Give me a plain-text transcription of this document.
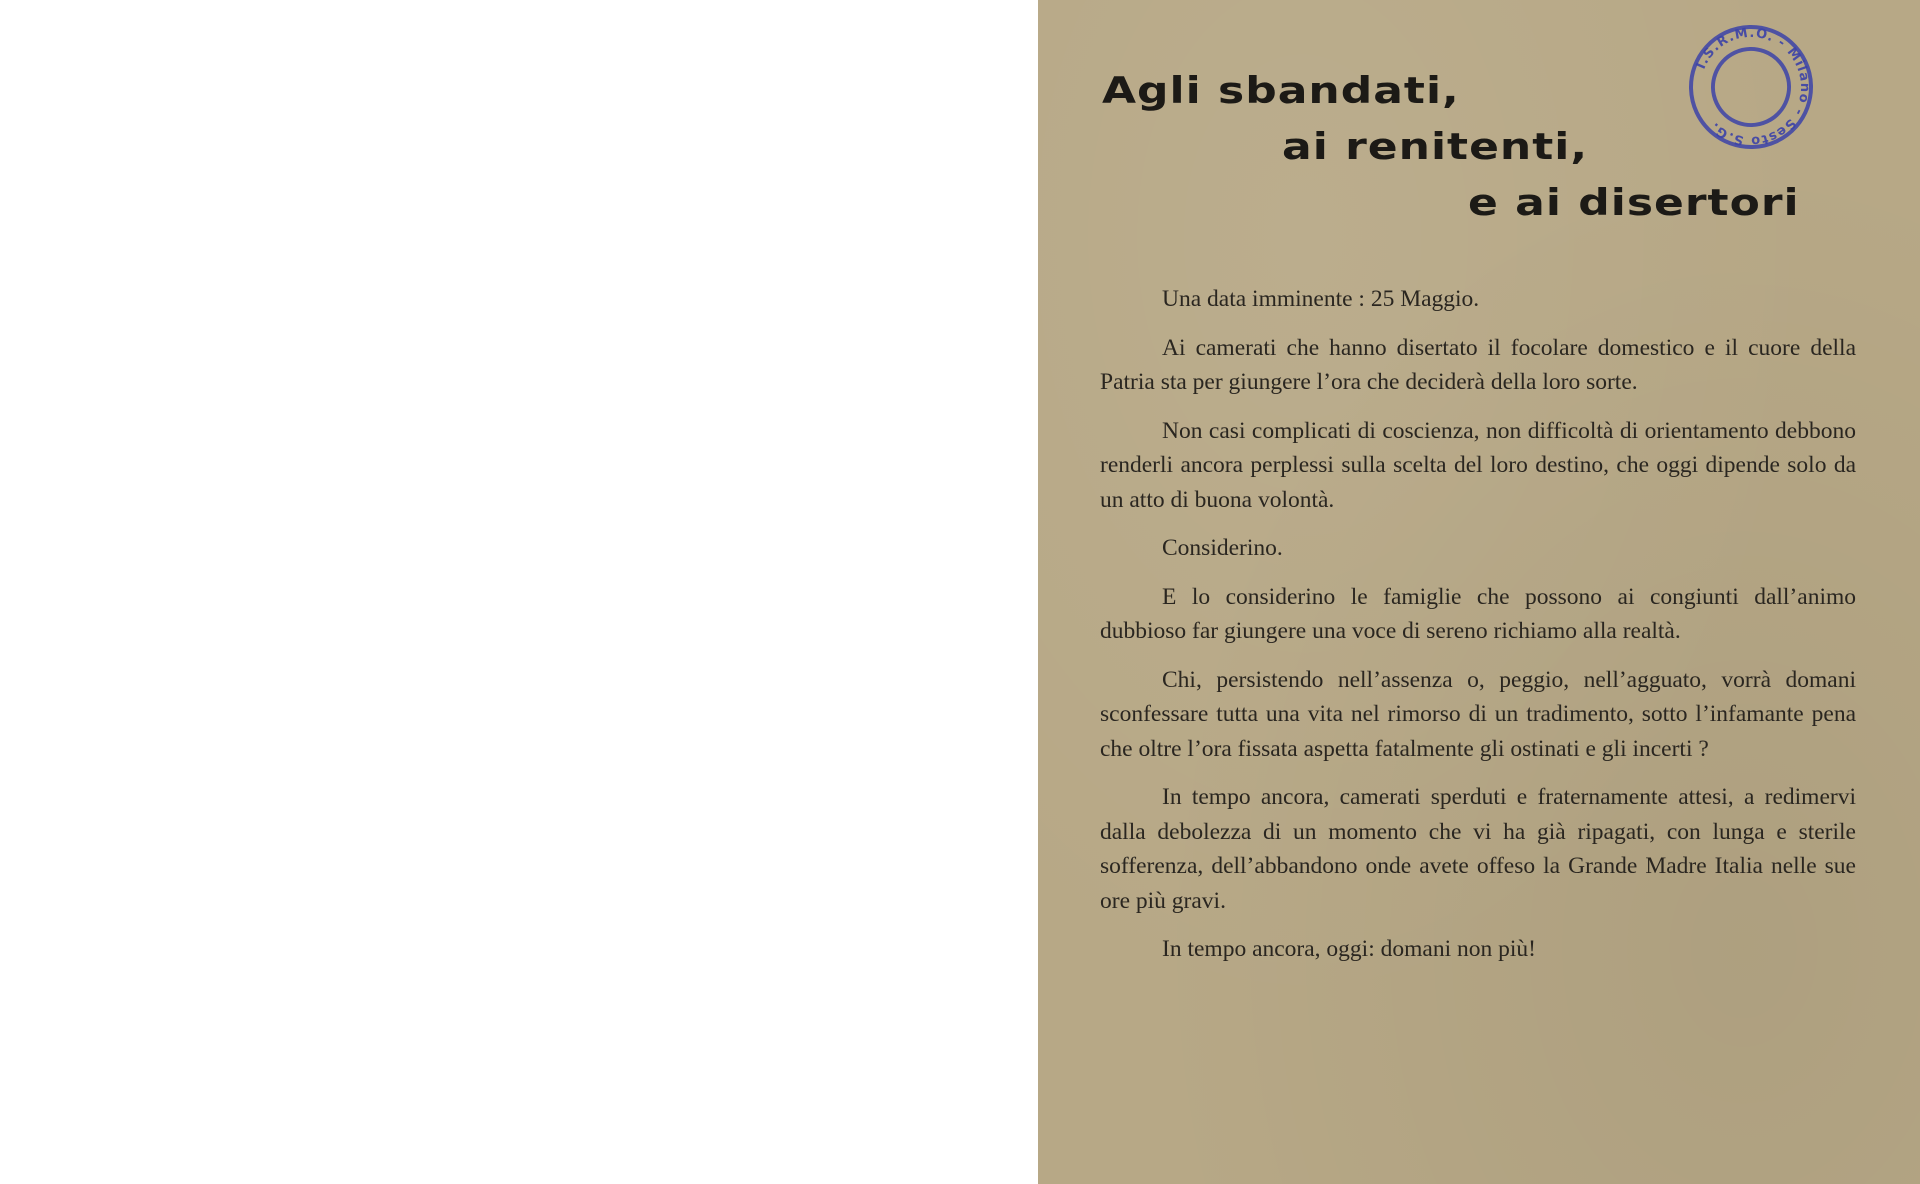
Agli sbandati,
ai renitenti,
e ai disertori
I.S.R.M.O. - Milano - Sesto S.G.

Una data imminente : 25 Maggio.

Ai camerati che hanno disertato il focolare domestico e il cuore della Patria sta per giungere l’ora che deciderà della loro sorte.

Non casi complicati di coscienza, non difficoltà di orientamento debbono renderli ancora perplessi sulla scelta del loro destino, che oggi dipende solo da un atto di buona volontà.

Considerino.

E lo considerino le famiglie che possono ai congiunti dall’animo dubbioso far giungere una voce di sereno richiamo alla realtà.

Chi, persistendo nell’assenza o, peggio, nell’agguato, vorrà domani sconfessare tutta una vita nel rimorso di un tradimento, sotto l’infamante pena che oltre l’ora fissata aspetta fatalmente gli ostinati e gli incerti ?

In tempo ancora, camerati sperduti e fraternamente attesi, a redimervi dalla debolezza di un momento che vi ha già ripagati, con lunga e sterile sofferenza, dell’abbandono onde avete offeso la Grande Madre Italia nelle sue ore più gravi.

In tempo ancora, oggi: domani non più!
